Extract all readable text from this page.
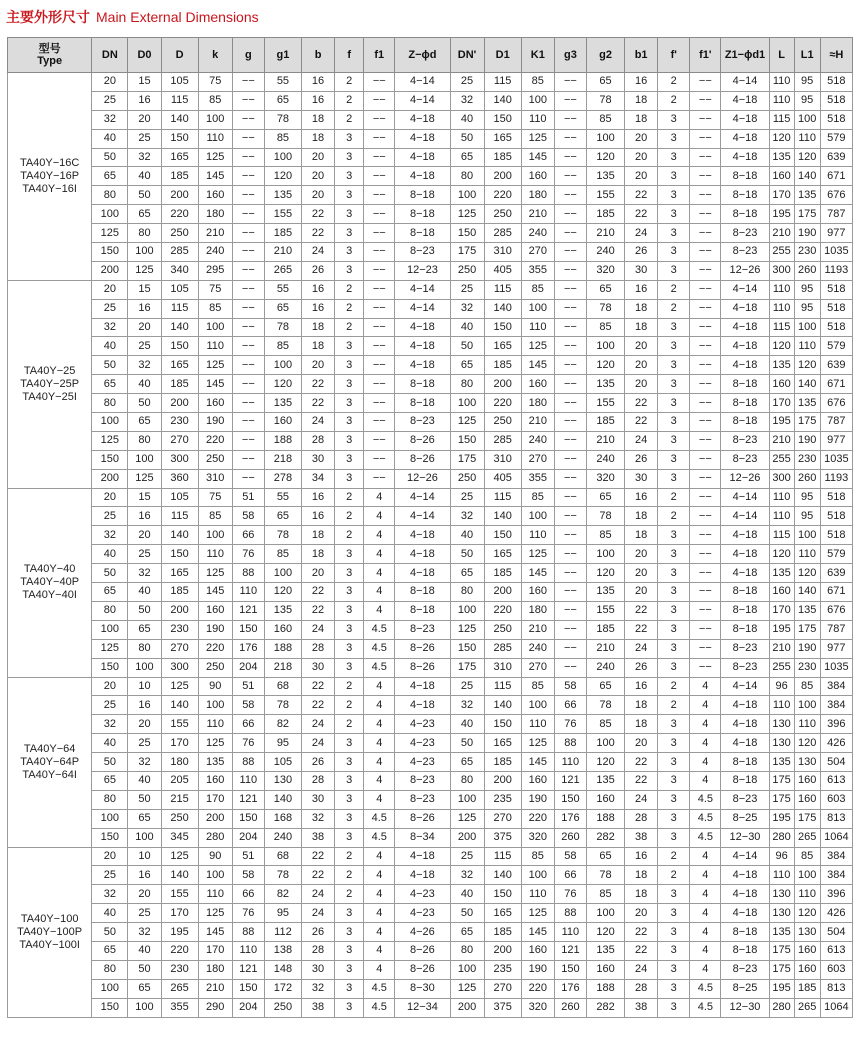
主要外形尺寸 Main External Dimensions
型号
Type	DN	D0	D	k	g	g1	b	f	f1	Z−ϕd	DN'	D1	K1	g3	g2	b1	f'	f1'	Z1−ϕd1	L	L1	≈H
TA40Y−16C
TA40Y−16P
TA40Y−16I	20	15	105	75	−−	55	16	2	−−	4−14	25	115	85	−−	65	16	2	−−	4−14	110	95	518
	25	16	115	85	−−	65	16	2	−−	4−14	32	140	100	−−	78	18	2	−−	4−18	110	95	518
	32	20	140	100	−−	78	18	2	−−	4−18	40	150	110	−−	85	18	3	−−	4−18	115	100	518
	40	25	150	110	−−	85	18	3	−−	4−18	50	165	125	−−	100	20	3	−−	4−18	120	110	579
	50	32	165	125	−−	100	20	3	−−	4−18	65	185	145	−−	120	20	3	−−	4−18	135	120	639
	65	40	185	145	−−	120	20	3	−−	4−18	80	200	160	−−	135	20	3	−−	8−18	160	140	671
	80	50	200	160	−−	135	20	3	−−	8−18	100	220	180	−−	155	22	3	−−	8−18	170	135	676
	100	65	220	180	−−	155	22	3	−−	8−18	125	250	210	−−	185	22	3	−−	8−18	195	175	787
	125	80	250	210	−−	185	22	3	−−	8−18	150	285	240	−−	210	24	3	−−	8−23	210	190	977
	150	100	285	240	−−	210	24	3	−−	8−23	175	310	270	−−	240	26	3	−−	8−23	255	230	1035
	200	125	340	295	−−	265	26	3	−−	12−23	250	405	355	−−	320	30	3	−−	12−26	300	260	1193
TA40Y−25
TA40Y−25P
TA40Y−25I	20	15	105	75	−−	55	16	2	−−	4−14	25	115	85	−−	65	16	2	−−	4−14	110	95	518
	25	16	115	85	−−	65	16	2	−−	4−14	32	140	100	−−	78	18	2	−−	4−18	110	95	518
	32	20	140	100	−−	78	18	2	−−	4−18	40	150	110	−−	85	18	3	−−	4−18	115	100	518
	40	25	150	110	−−	85	18	3	−−	4−18	50	165	125	−−	100	20	3	−−	4−18	120	110	579
	50	32	165	125	−−	100	20	3	−−	4−18	65	185	145	−−	120	20	3	−−	4−18	135	120	639
	65	40	185	145	−−	120	22	3	−−	8−18	80	200	160	−−	135	20	3	−−	8−18	160	140	671
	80	50	200	160	−−	135	22	3	−−	8−18	100	220	180	−−	155	22	3	−−	8−18	170	135	676
	100	65	230	190	−−	160	24	3	−−	8−23	125	250	210	−−	185	22	3	−−	8−18	195	175	787
	125	80	270	220	−−	188	28	3	−−	8−26	150	285	240	−−	210	24	3	−−	8−23	210	190	977
	150	100	300	250	−−	218	30	3	−−	8−26	175	310	270	−−	240	26	3	−−	8−23	255	230	1035
	200	125	360	310	−−	278	34	3	−−	12−26	250	405	355	−−	320	30	3	−−	12−26	300	260	1193
TA40Y−40
TA40Y−40P
TA40Y−40I	20	15	105	75	51	55	16	2	4	4−14	25	115	85	−−	65	16	2	−−	4−14	110	95	518
	25	16	115	85	58	65	16	2	4	4−14	32	140	100	−−	78	18	2	−−	4−14	110	95	518
	32	20	140	100	66	78	18	2	4	4−18	40	150	110	−−	85	18	3	−−	4−18	115	100	518
	40	25	150	110	76	85	18	3	4	4−18	50	165	125	−−	100	20	3	−−	4−18	120	110	579
	50	32	165	125	88	100	20	3	4	4−18	65	185	145	−−	120	20	3	−−	4−18	135	120	639
	65	40	185	145	110	120	22	3	4	8−18	80	200	160	−−	135	20	3	−−	8−18	160	140	671
	80	50	200	160	121	135	22	3	4	8−18	100	220	180	−−	155	22	3	−−	8−18	170	135	676
	100	65	230	190	150	160	24	3	4.5	8−23	125	250	210	−−	185	22	3	−−	8−18	195	175	787
	125	80	270	220	176	188	28	3	4.5	8−26	150	285	240	−−	210	24	3	−−	8−23	210	190	977
	150	100	300	250	204	218	30	3	4.5	8−26	175	310	270	−−	240	26	3	−−	8−23	255	230	1035
TA40Y−64
TA40Y−64P
TA40Y−64I	20	10	125	90	51	68	22	2	4	4−18	25	115	85	58	65	16	2	4	4−14	96	85	384
	25	16	140	100	58	78	22	2	4	4−18	32	140	100	66	78	18	2	4	4−18	110	100	384
	32	20	155	110	66	82	24	2	4	4−23	40	150	110	76	85	18	3	4	4−18	130	110	396
	40	25	170	125	76	95	24	3	4	4−23	50	165	125	88	100	20	3	4	4−18	130	120	426
	50	32	180	135	88	105	26	3	4	4−23	65	185	145	110	120	22	3	4	8−18	135	130	504
	65	40	205	160	110	130	28	3	4	8−23	80	200	160	121	135	22	3	4	8−18	175	160	613
	80	50	215	170	121	140	30	3	4	8−23	100	235	190	150	160	24	3	4.5	8−23	175	160	603
	100	65	250	200	150	168	32	3	4.5	8−26	125	270	220	176	188	28	3	4.5	8−25	195	175	813
	150	100	345	280	204	240	38	3	4.5	8−34	200	375	320	260	282	38	3	4.5	12−30	280	265	1064
TA40Y−100
TA40Y−100P
TA40Y−100I	20	10	125	90	51	68	22	2	4	4−18	25	115	85	58	65	16	2	4	4−14	96	85	384
	25	16	140	100	58	78	22	2	4	4−18	32	140	100	66	78	18	2	4	4−18	110	100	384
	32	20	155	110	66	82	24	2	4	4−23	40	150	110	76	85	18	3	4	4−18	130	110	396
	40	25	170	125	76	95	24	3	4	4−23	50	165	125	88	100	20	3	4	4−18	130	120	426
	50	32	195	145	88	112	26	3	4	4−26	65	185	145	110	120	22	3	4	8−18	135	130	504
	65	40	220	170	110	138	28	3	4	8−26	80	200	160	121	135	22	3	4	8−18	175	160	613
	80	50	230	180	121	148	30	3	4	8−26	100	235	190	150	160	24	3	4	8−23	175	160	603
	100	65	265	210	150	172	32	3	4.5	8−30	125	270	220	176	188	28	3	4.5	8−25	195	185	813
	150	100	355	290	204	250	38	3	4.5	12−34	200	375	320	260	282	38	3	4.5	12−30	280	265	1064
